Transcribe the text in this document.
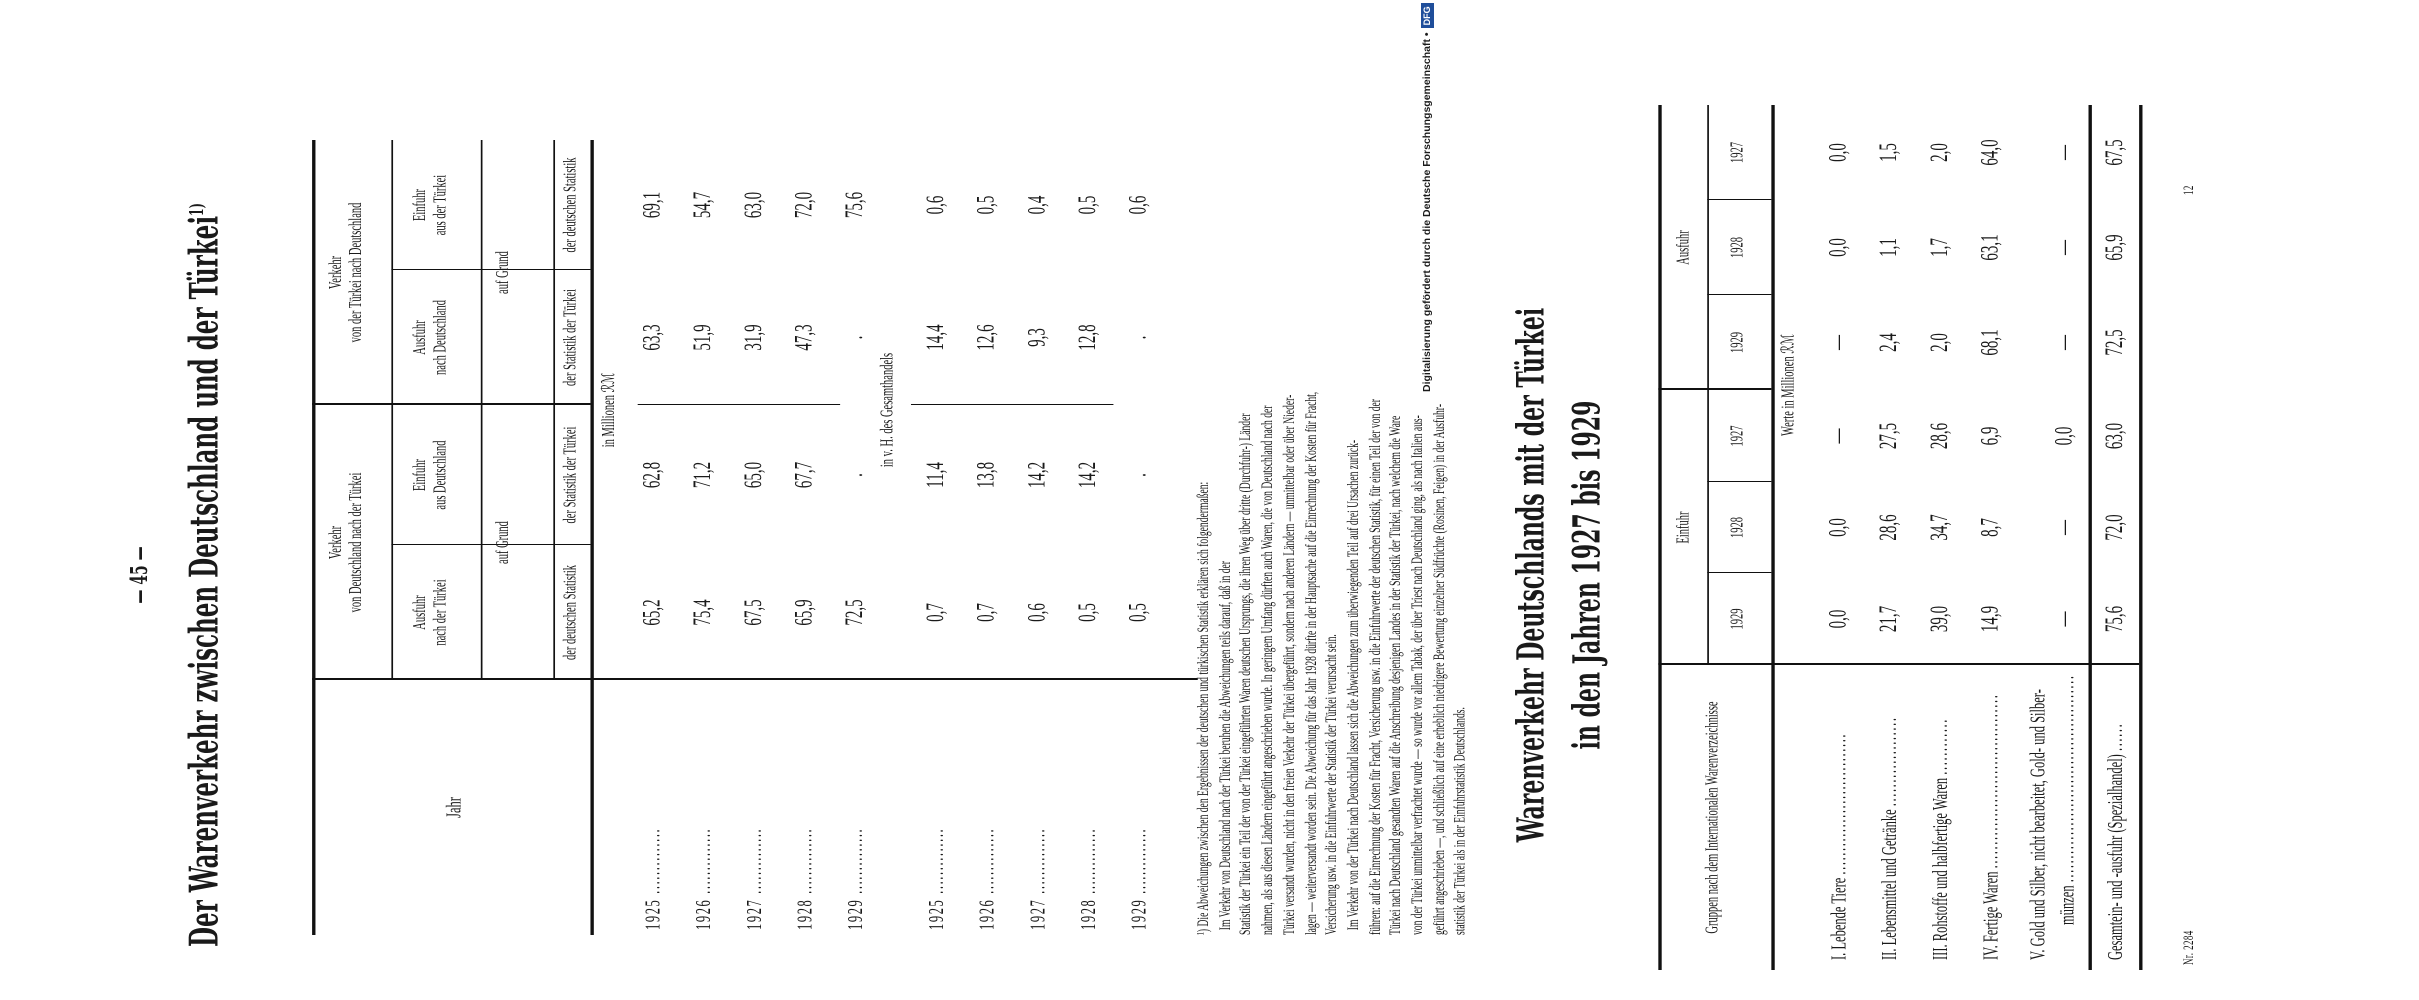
— 45 — Der Warenverkehr zwischen Deutschland und der Türkei$^{1)}$
Jahr
Verkehr
von Deutschland nach der Türkei
Verkehr
von der Türkei nach Deutschland
Ausfuhr
nach der Türkei
Einfuhr
aus Deutschland
Ausfuhr
nach Deutschland
Einfuhr
aus der Türkei
auf Grund
auf Grund
der deutschen Statistik
der Statistik der Türkei
der Statistik der Türkei
der deutschen Statistik
in Millionen ℛℳ	in v. H. des Gesamthandels
1925 ..............
1926 ..............
1927 ..............
1928 ..............
1929 ..............
65,2 75,4 67,5 65,9 72,5
62,8 71,2 65,0 67,7 .
63,3 51,9 31,9 47,3 .
69,1 54,7 63,0 72,0 75,6
1925 ..............
1926 ..............
1927 ..............
1928 ..............
1929 ..............
0,7 0,7 0,6 0,5 0,5
11,4 13,8 14,2 14,2 .
14,4 12,6 9,3 12,8 .
0,6 0,5 0,4 0,5 0,6
¹) Die Abweichungen zwischen den Ergebnissen der deutschen und türkischen Statistik erklären sich folgendermaßen:
Im Verkehr von Deutschland nach der Türkei beruhen die Abweichungen teils darauf, daß in der
Statistik der Türkei ein Teil der von der Türkei eingeführten Waren deutschen Ursprungs, die ihren Weg über dritte (Durchfuhr-) Länder
nahmen, als aus diesen Ländern eingeführt angeschrieben wurde. In geringem Umfang dürften auch Waren, die von Deutschland nach der
Türkei versandt wurden, nicht in den freien Verkehr der Türkei übergeführt, sondern nach anderen Ländern — unmittelbar oder über Nieder-
lagen — weiterversandt worden sein. Die Abweichung für das Jahr 1928 dürfte in der Hauptsache auf die Einrechnung der Kosten für Fracht,
Versicherung usw. in die Einfuhrwerte der Statistik der Türkei verursacht sein.
Im Verkehr von der Türkei nach Deutschland lassen sich die Abweichungen zum überwiegenden Teil auf drei Ursachen zurück-
führen: auf die Einrechnung der Kosten für Fracht, Versicherung usw. in die Einfuhrwerte der deutschen Statistik, für einen Teil der von der
Türkei nach Deutschland gesandten Waren auf die Anschreibung desjenigen Landes in der Statistik der Türkei, nach welchem die Ware
von der Türkei unmittelbar verfrachtet wurde — so wurde vor allem Tabak, der über Triest nach Deutschland ging, als nach Italien aus-
geführt angeschrieben —, und schließlich auf eine erheblich niedrigere Bewertung einzelner Südfrüchte (Rosinen, Feigen) in der Ausfuhr-
statistik der Türkei als in der Einfuhrstatistik Deutschlands. Warenverkehr Deutschlands mit der Türkei in den Jahren 1927 bis 1929
Gruppen nach dem Internationalen Warenverzeichnisse
Einfuhr
Ausfuhr
1929
1928
1927
1929
1928
1927
Werte in Millionen ℛℳ
I. Lebende Tiere ..............................
II. Lebensmittel und Getränke ...................
III. Rohstoffe und halbfertige Waren ............
IV. Fertige Waren .....................................
V. Gold und Silber, nicht bearbeitet, Gold- und Silber- münzen ............................................ Gesamtein- und -ausfuhr (Spezialhandel) ......
0,0
0,0
—
—
0,0
0,0
21,7
28,6
27,5
2,4
1,1
1,5
39,0
34,7
28,6
2,0
1,7
2,0
14,9
8,7
6,9
68,1
63,1
64,0
—
—
0,0
—
—
—
75,6
72,0
63,0
72,5
65,9
67,5
Nr. 2284
12
Digitalisierung gefördert durch die Deutsche Forschungsgemeinschaft •
DFG
